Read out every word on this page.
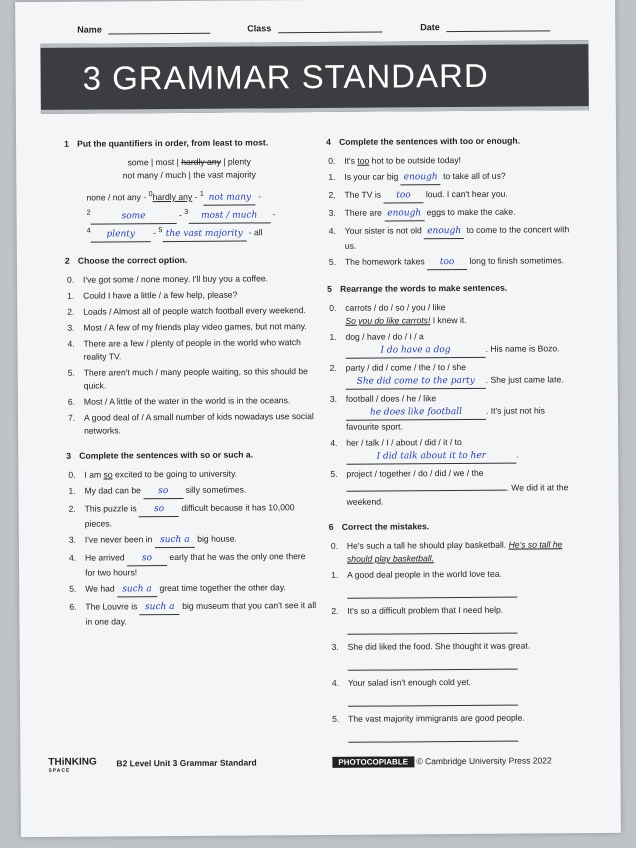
Name	Class	Date
3 GRAMMAR STANDARD
1 Put the quantifiers in order, from least to most.
some | most | hardly any | plenty
not many / much | the vast majority
none / not any - $^0$hardly any - $^1$ not many -
$^2$	some	- $^3$ most / much -
$^4$ plenty - $^5$ the vast majority - all
2 Choose the correct option.
0. I've got some / none money. I'll buy you a coffee.
1. Could I have a little / a few help, please?
2. Loads / Almost all of people watch football every weekend.
3. Most / A few of my friends play video games, but not many.
4. There are a few / plenty of people in the world who watch reality TV.
5. There aren't much / many people waiting, so this should be quick.
6. Most / A little of the water in the world is in the oceans.
7. A good deal of / A small number of kids nowadays use social networks.
3 Complete the sentences with so or such a.
0. I am so excited to be going to university.
1. My dad can be so silly sometimes.
2. This puzzle is so difficult because it has 10,000 pieces.
3. I've never been in such a big house.
4. He arrived so early that he was the only one there for two hours!
5. We had such a great time together the other day.
6. The Louvre is such a big museum that you can't see it all in one day.
4 Complete the sentences with too or enough.
0. It's too hot to be outside today!
1. Is your car big enough to take all of us?
2. The TV is too loud. I can't hear you.
3. There are enough eggs to make the cake.
4. Your sister is not old enough to come to the concert with us.
5. The homework takes too long to finish sometimes.
5 Rearrange the words to make sentences.
0. carrots / do / so / you / like
So you do like carrots! I knew it.
1. dog / have / do / I / a
I do have a dog	. His name is Bozo.
2. party / did / come / the / to / she
She did come to the party . She just came late.
3. football / does / he / like
he does like football	. It's just not his favourite sport.
4. her / talk / I / about / did / it / to
I did talk about it to her	.
5. project / together / do / did / we / the
. We did it at the weekend.
6 Correct the mistakes.
0. He's such a tall he should play basketball. He's so tall he should play basketball.
1. A good deal people in the world love tea.
2. It's so a difficult problem that I need help.
3. She did liked the food. She thought it was great.
4. Your salad isn't enough cold yet.
5. The vast majority immigrants are good people.
THiNKING
SPACE
B2 Level Unit 3 Grammar Standard	PHOTOCOPIABLE © Cambridge University Press 2022
